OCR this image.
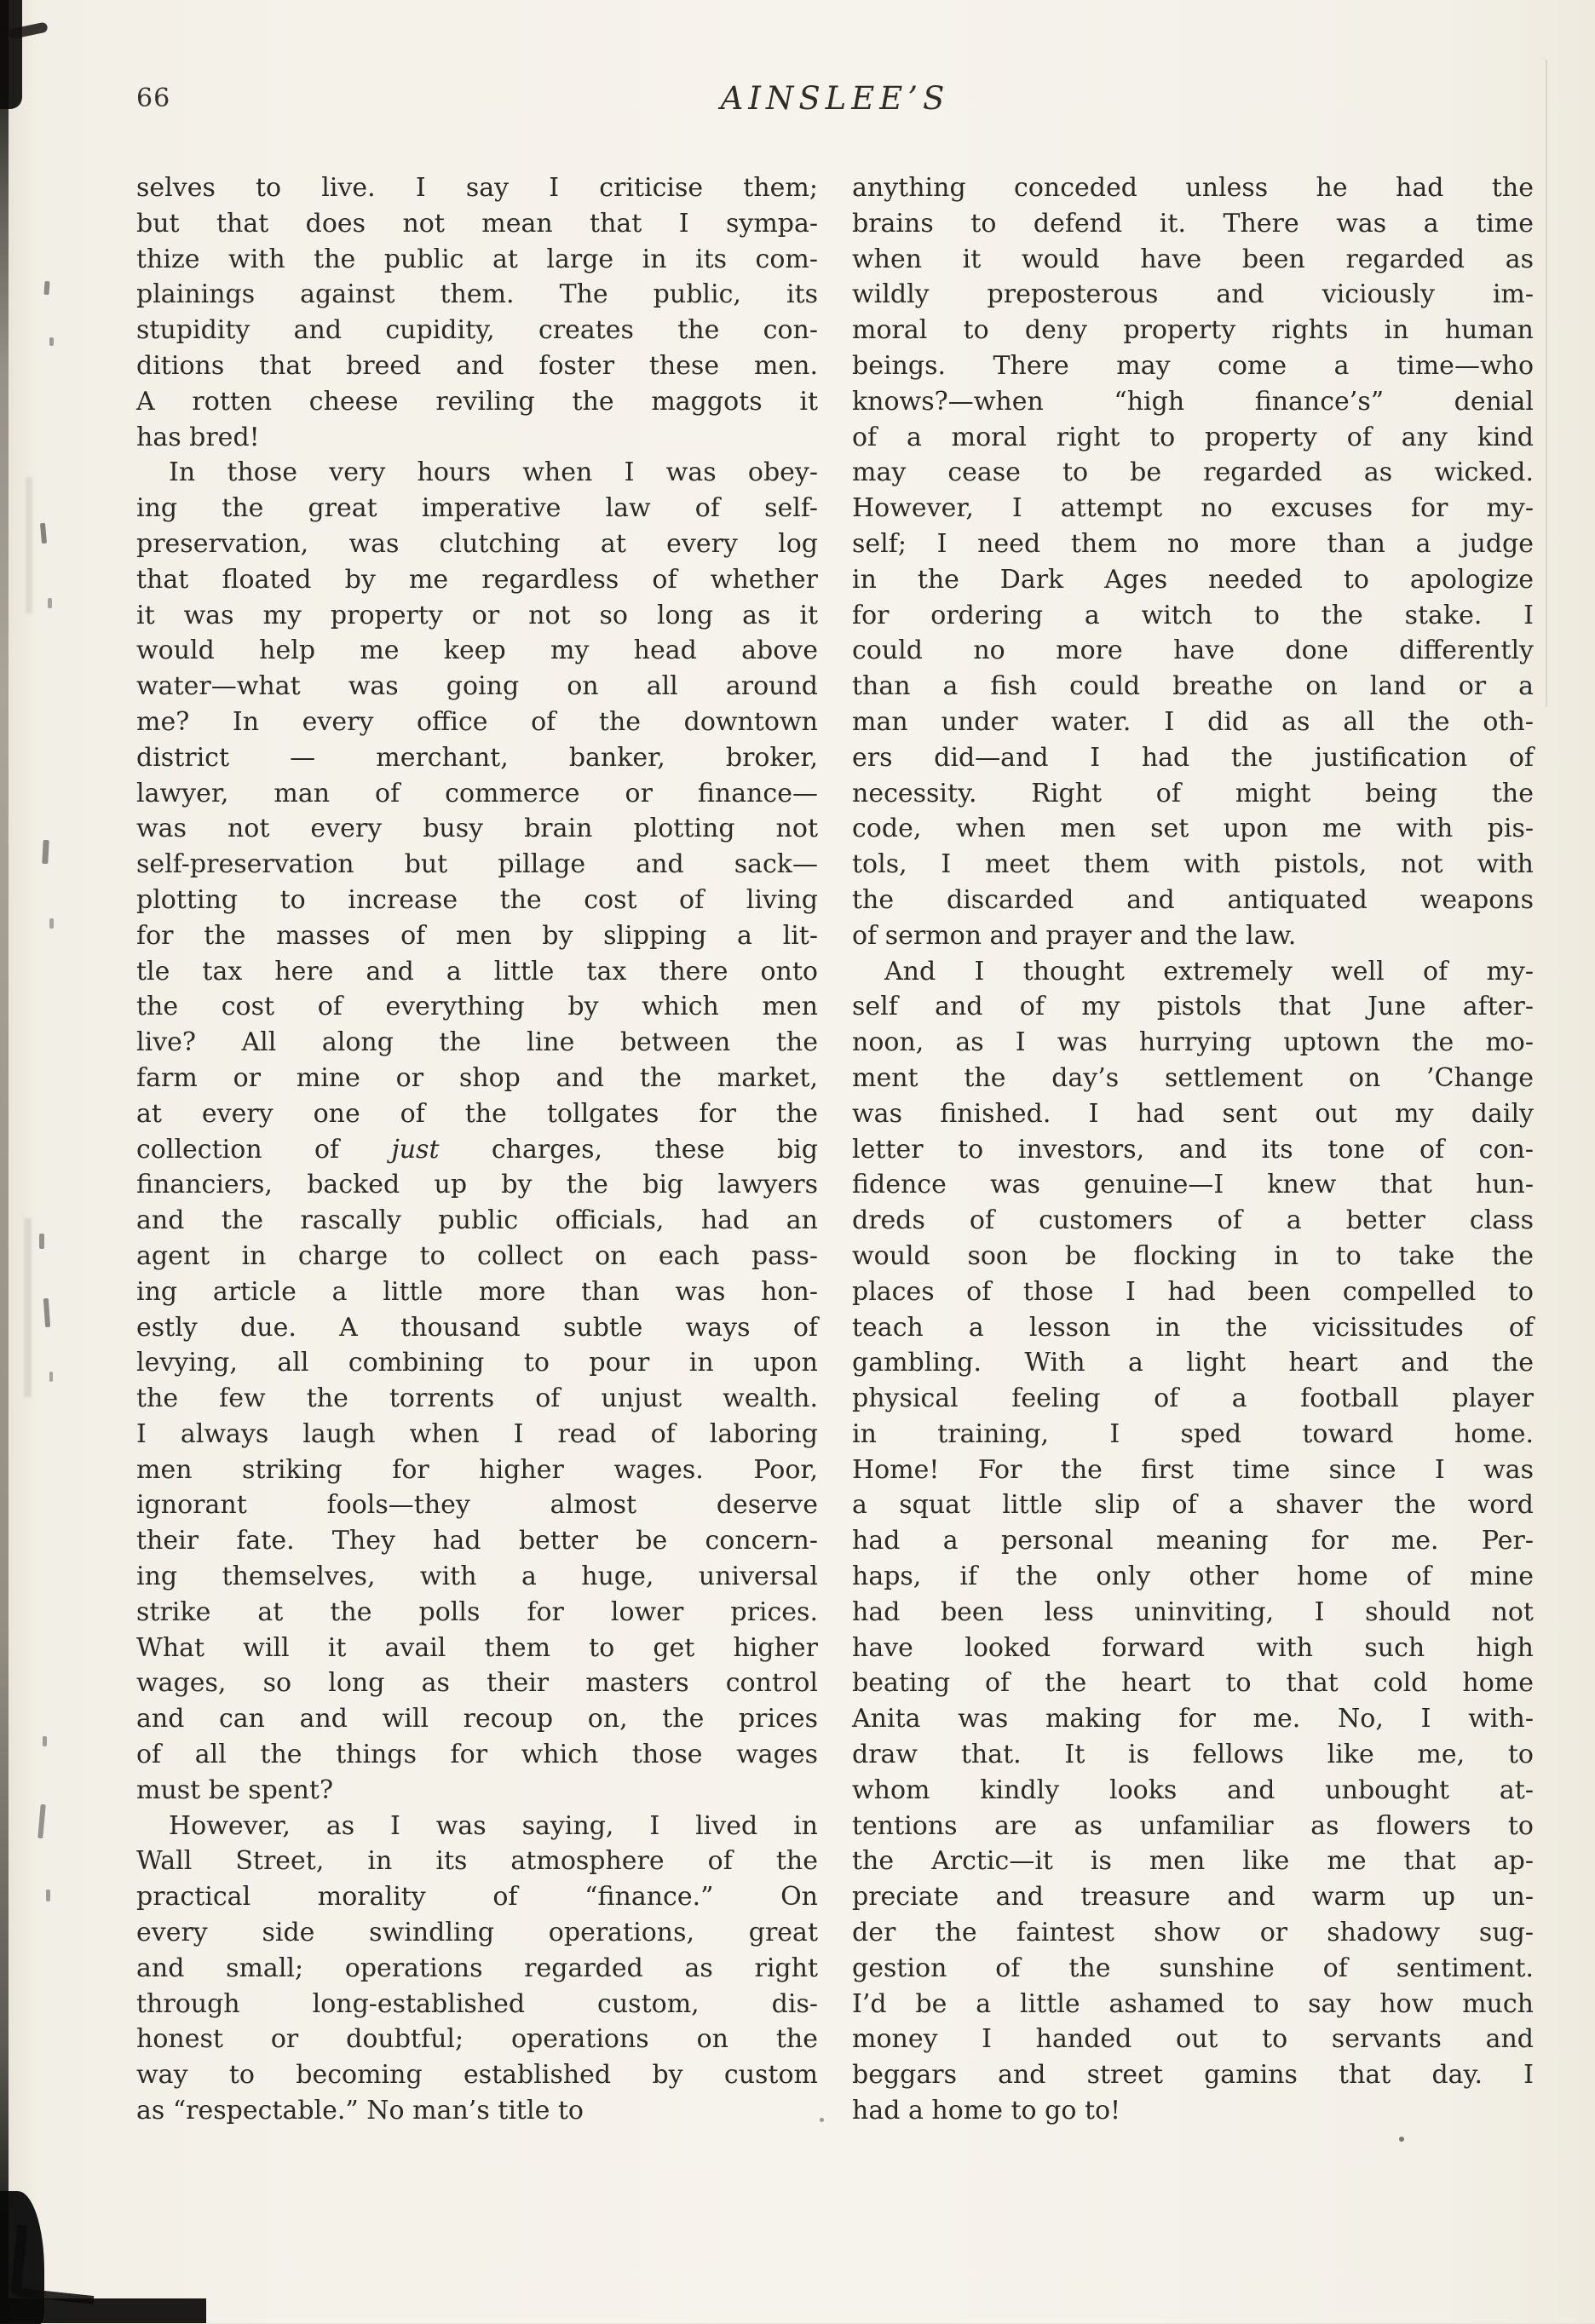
66	AINSLEE’S
selves to live. I say I criticise them;
but that does not mean that I sympa-
thize with the public at large in its com-
plainings against them. The public, its
stupidity and cupidity, creates the con-
ditions that breed and foster these men.
A rotten cheese reviling the maggots it
has bred!
In those very hours when I was obey-
ing the great imperative law of self-
preservation, was clutching at every log
that floated by me regardless of whether
it was my property or not so long as it
would help me keep my head above
water—what was going on all around
me? In every office of the downtown
district — merchant, banker, broker,
lawyer, man of commerce or finance—
was not every busy brain plotting not
self-preservation but pillage and sack—
plotting to increase the cost of living
for the masses of men by slipping a lit-
tle tax here and a little tax there onto
the cost of everything by which men
live? All along the line between the
farm or mine or shop and the market,
at every one of the tollgates for the
collection of just charges, these big
financiers, backed up by the big lawyers
and the rascally public officials, had an
agent in charge to collect on each pass-
ing article a little more than was hon-
estly due. A thousand subtle ways of
levying, all combining to pour in upon
the few the torrents of unjust wealth.
I always laugh when I read of laboring
men striking for higher wages. Poor,
ignorant fools—they almost deserve
their fate. They had better be concern-
ing themselves, with a huge, universal
strike at the polls for lower prices.
What will it avail them to get higher
wages, so long as their masters control
and can and will recoup on, the prices
of all the things for which those wages
must be spent?
However, as I was saying, I lived in
Wall Street, in its atmosphere of the
practical morality of “finance.” On
every side swindling operations, great
and small; operations regarded as right
through long-established custom, dis-
honest or doubtful; operations on the
way to becoming established by custom
as “respectable.” No man’s title to
anything conceded unless he had the
brains to defend it. There was a time
when it would have been regarded as
wildly preposterous and viciously im-
moral to deny property rights in human
beings. There may come a time—who
knows?—when “high finance’s” denial
of a moral right to property of any kind
may cease to be regarded as wicked.
However, I attempt no excuses for my-
self; I need them no more than a judge
in the Dark Ages needed to apologize
for ordering a witch to the stake. I
could no more have done differently
than a fish could breathe on land or a
man under water. I did as all the oth-
ers did—and I had the justification of
necessity. Right of might being the
code, when men set upon me with pis-
tols, I meet them with pistols, not with
the discarded and antiquated weapons
of sermon and prayer and the law.
And I thought extremely well of my-
self and of my pistols that June after-
noon, as I was hurrying uptown the mo-
ment the day’s settlement on ’Change
was finished. I had sent out my daily
letter to investors, and its tone of con-
fidence was genuine—I knew that hun-
dreds of customers of a better class
would soon be flocking in to take the
places of those I had been compelled to
teach a lesson in the vicissitudes of
gambling. With a light heart and the
physical feeling of a football player
in training, I sped toward home.
Home! For the first time since I was
a squat little slip of a shaver the word
had a personal meaning for me. Per-
haps, if the only other home of mine
had been less uninviting, I should not
have looked forward with such high
beating of the heart to that cold home
Anita was making for me. No, I with-
draw that. It is fellows like me, to
whom kindly looks and unbought at-
tentions are as unfamiliar as flowers to
the Arctic—it is men like me that ap-
preciate and treasure and warm up un-
der the faintest show or shadowy sug-
gestion of the sunshine of sentiment.
I’d be a little ashamed to say how much
money I handed out to servants and
beggars and street gamins that day. I
had a home to go to!
